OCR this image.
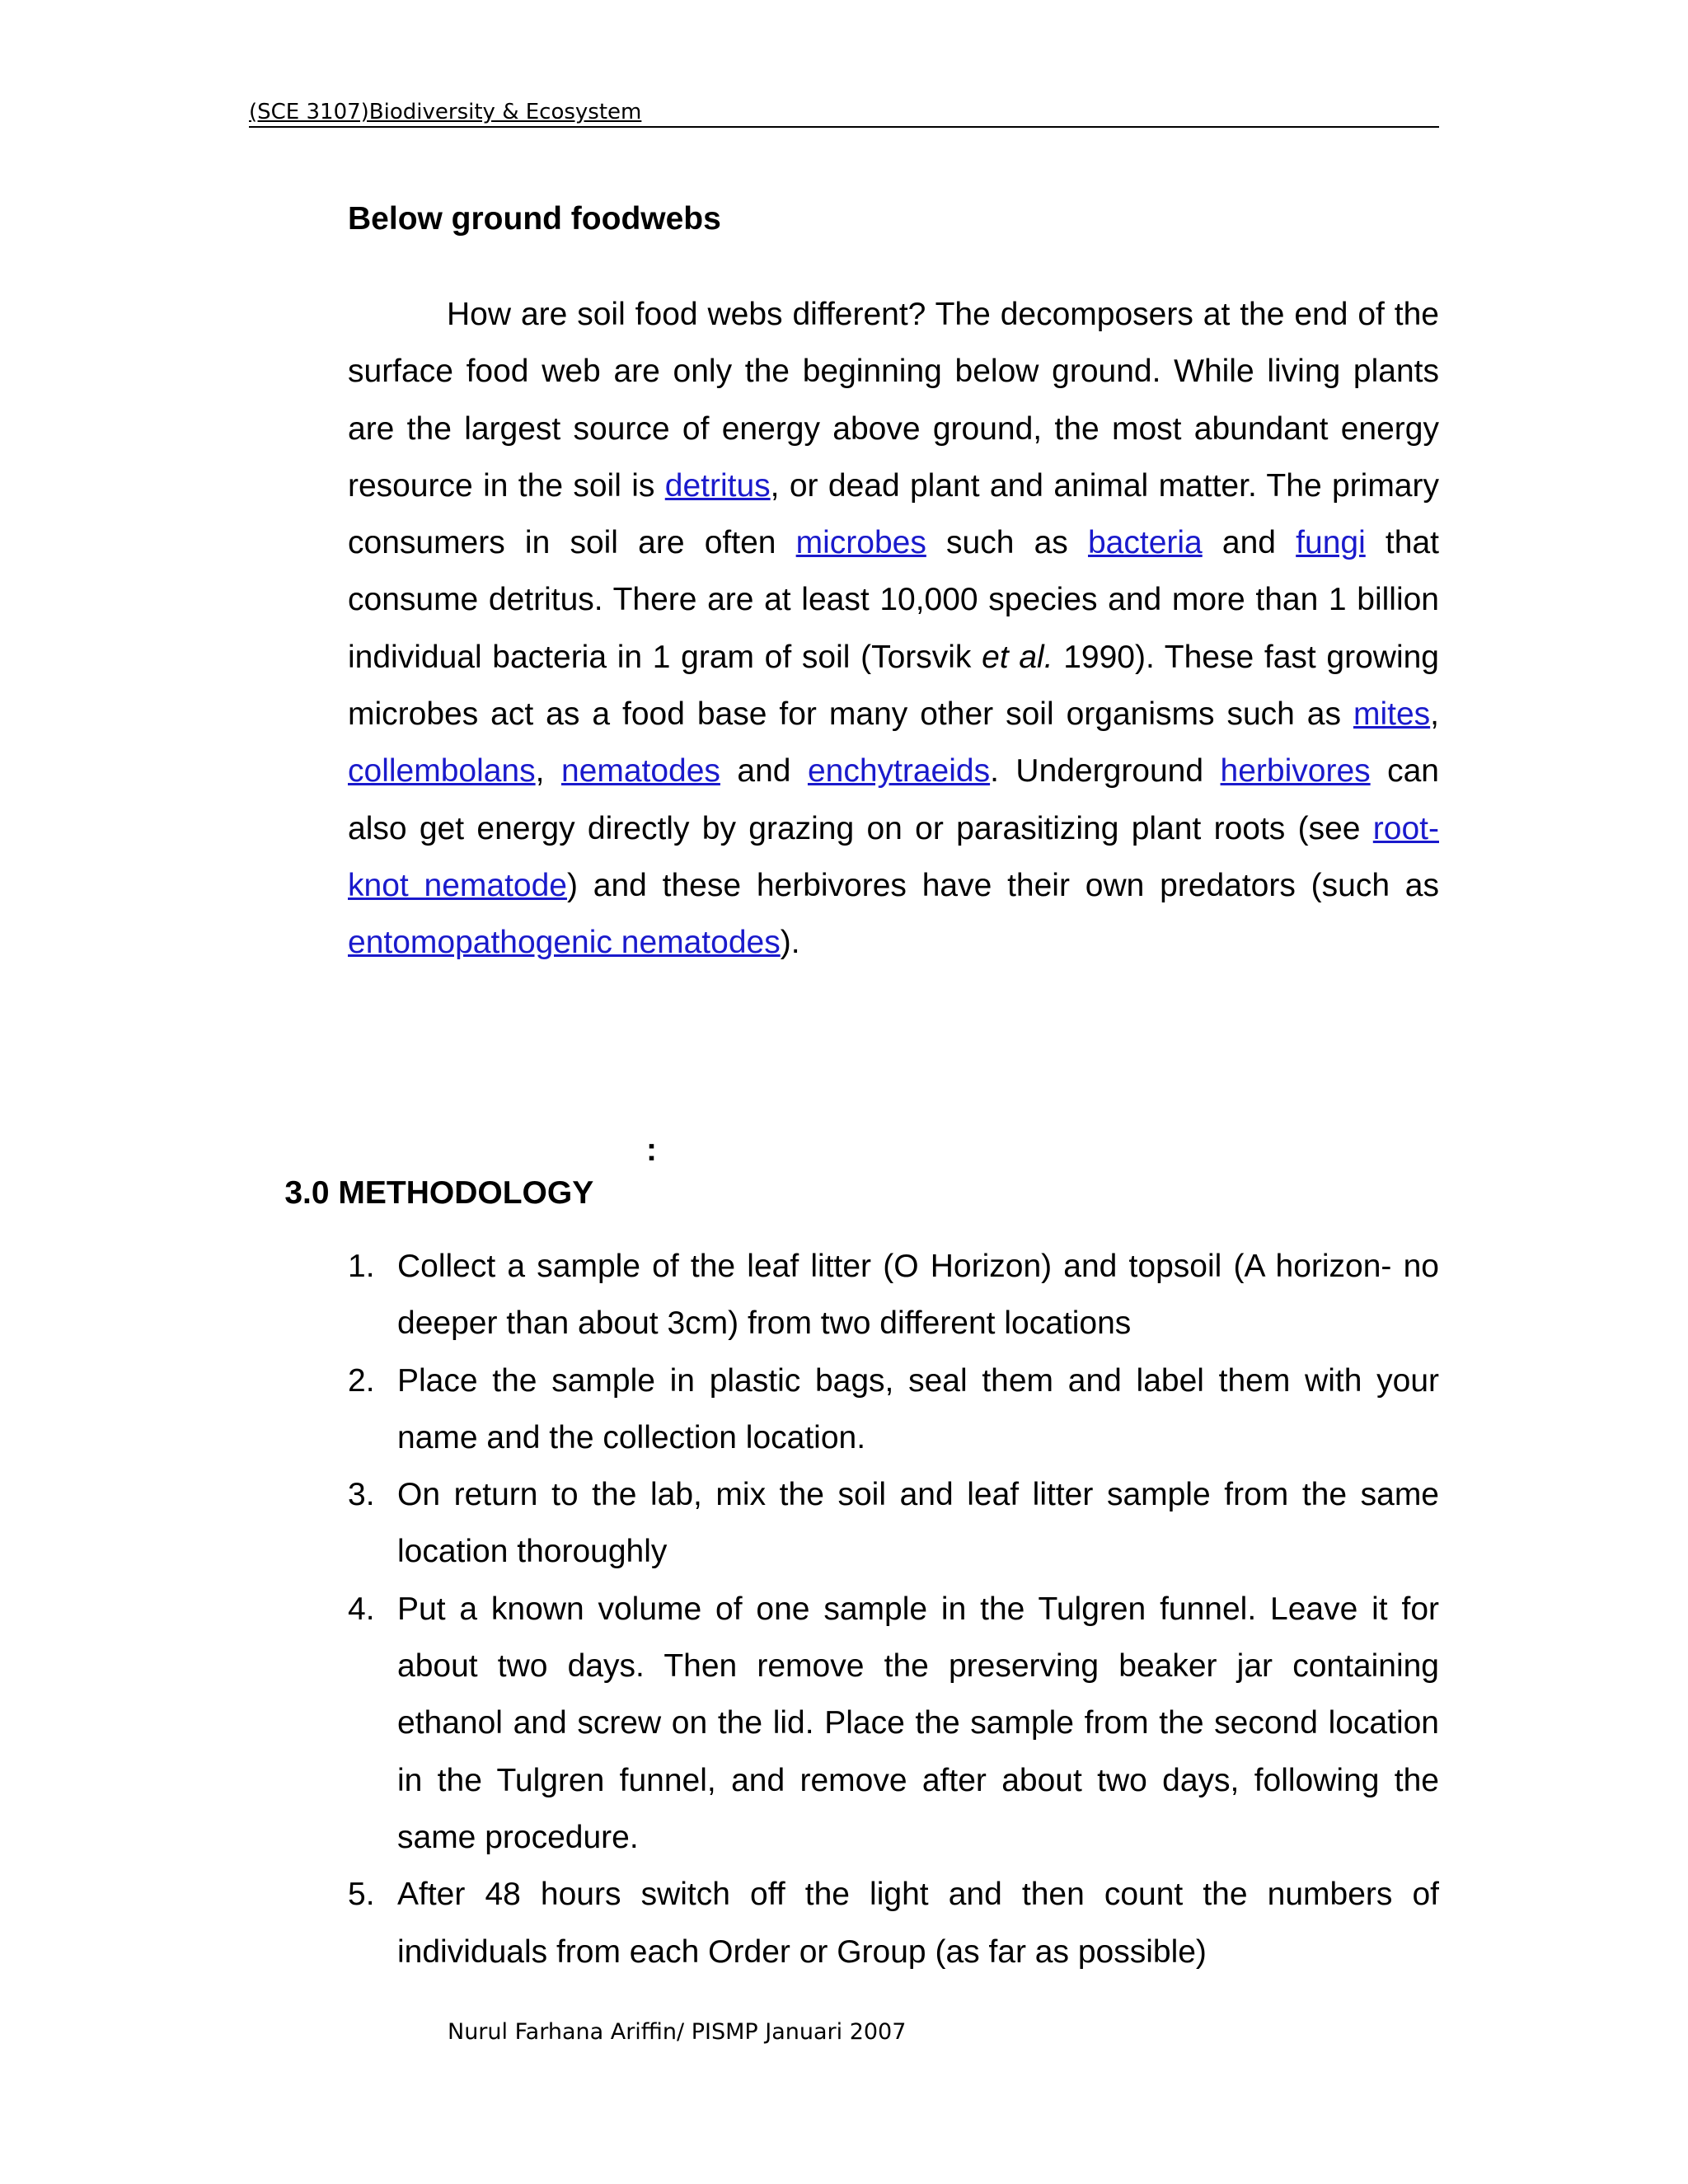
(SCE 3107)Biodiversity & Ecosystem
Below ground foodwebs

How are soil food webs different? The decomposers at the end of the surface food web are only the beginning below ground. While living plants are the largest source of energy above ground, the most abundant energy resource in the soil is detritus, or dead plant and animal matter. The primary consumers in soil are often microbes such as bacteria and fungi that consume detritus. There are at least 10,000 species and more than 1 billion individual bacteria in 1 gram of soil (Torsvik et al. 1990). These fast growing microbes act as a food base for many other soil organisms such as mites, collembolans, nematodes and enchytraeids. Underground herbivores can also get energy directly by grazing on or parasitizing plant roots (see root-knot nematode) and these herbivores have their own predators (such as entomopathogenic nematodes).

3.0 METHODOLOGY

:

1. Collect a sample of the leaf litter (O Horizon) and topsoil (A horizon- no deeper than about 3cm) from two different locations
2. Place the sample in plastic bags, seal them and label them with your name and the collection location.
3. On return to the lab, mix the soil and leaf litter sample from the same location thoroughly
4. Put a known volume of one sample in the Tulgren funnel. Leave it for about two days. Then remove the preserving beaker jar containing ethanol and screw on the lid. Place the sample from the second location in the Tulgren funnel, and remove after about two days, following the same procedure.
5. After 48 hours switch off the light and then count the numbers of individuals from each Order or Group (as far as possible)
Nurul Farhana Ariffin/ PISMP Januari 2007
